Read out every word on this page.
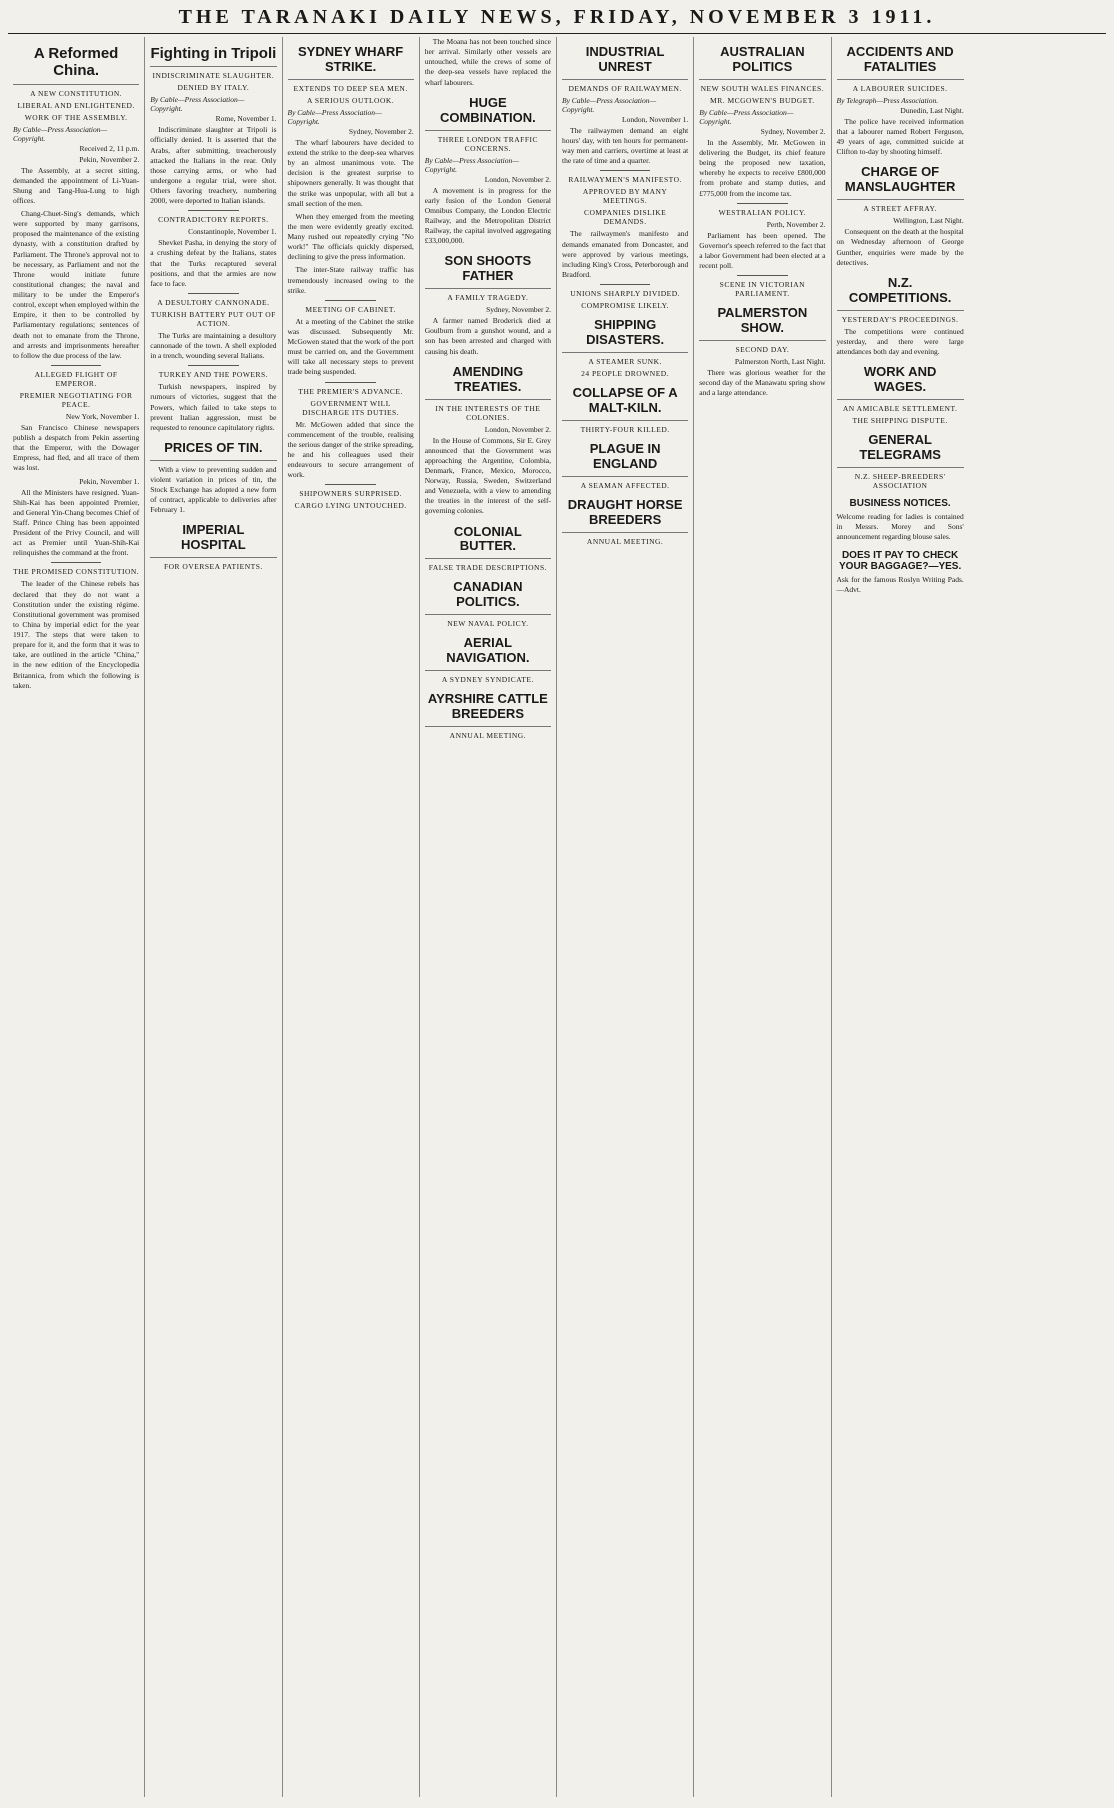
THE TARANAKI DAILY NEWS, FRIDAY, NOVEMBER 3 1911.
A Reformed China.
A NEW CONSTITUTION.
LIBERAL AND ENLIGHTENED.
WORK OF THE ASSEMBLY.
By Cable—Press Association—Copyright.
Received 2, 11 p.m.
Pekin, November 2.

The Assembly, at a secret sitting, demanded the appointment of Li-Yuan-Shung and Tang-Hua-Lung to high offices.

Chang-Chuet-Sing's demands, which were supported by many garrisons, proposed the maintenance of the existing dynasty, with a constitution drafted by Parliament. The Throne's approval not to be necessary, as Parliament and not the Throne would initiate future constitutional changes; the naval and military to be under the Emperor's control, except when employed within the Empire, it then to be controlled by Parliamentary regulations; sentences of death not to emanate from the Throne, and arrests and imprisonments hereafter to follow the due process of the law.

ALLEGED FLIGHT OF EMPEROR.
PREMIER NEGOTIATING FOR PEACE.
New York, November 1.

San Francisco Chinese newspapers publish a despatch from Pekin asserting that the Emperor, with the Dowager Empress, had fled, and all trace of them was lost.

Pekin, November 1.

All the Ministers have resigned. Yuan-Shih-Kai has been appointed Premier, and General Yin-Chang becomes Chief of Staff. Prince Ching has been appointed President of the Privy Council, and will act as Premier until Yuan-Shih-Kai relinquishes the command at the front.

THE PROMISED CONSTITUTION.

The leader of the Chinese rebels has declared that they do not want a Constitution under the existing régime. Constitutional government was promised to China by imperial edict for the year 1917. The steps that were taken to prepare for it, and the form that it was to take, are outlined in the article "China," in the new edition of the Encyclopedia Britannica, from which the following is taken.

Fighting in Tripoli
INDISCRIMINATE SLAUGHTER.
DENIED BY ITALY.
By Cable—Press Association—Copyright.
Rome, November 1.

Indiscriminate slaughter at Tripoli is officially denied. It is asserted that the Arabs, after submitting, treacherously attacked the Italians in the rear. Only those carrying arms, or who had undergone a regular trial, were shot. Others favoring treachery, numbering 2000, were deported to Italian islands.

CONTRADICTORY REPORTS.
Constantinople, November 1.

Shevket Pasha, in denying the story of a crushing defeat by the Italians, states that the Turks recaptured several positions, and that the armies are now face to face.

A DESULTORY CANNONADE.
TURKISH BATTERY PUT OUT OF ACTION.

The Turks are maintaining a desultory cannonade of the town. A shell exploded in a trench, wounding several Italians.

TURKEY AND THE POWERS.

Turkish newspapers, inspired by rumours of victories, suggest that the Powers, which failed to take steps to prevent Italian aggression, must be requested to renounce capitulatory rights.

PRICES OF TIN.

With a view to preventing sudden and violent variation in prices of tin, the Stock Exchange has adopted a new form of contract, applicable to deliveries after February 1.

IMPERIAL HOSPITAL
FOR OVERSEA PATIENTS.
SYDNEY WHARF STRIKE.
EXTENDS TO DEEP SEA MEN.
A SERIOUS OUTLOOK.
By Cable—Press Association—Copyright.
Sydney, November 2.

The wharf labourers have decided to extend the strike to the deep-sea wharves by an almost unanimous vote. The decision is the greatest surprise to shipowners generally. It was thought that the strike was unpopular, with all but a small section of the men.

When they emerged from the meeting the men were evidently greatly excited. Many rushed out repeatedly crying "No work!" The officials quickly dispersed, declining to give the press information.

The inter-State railway traffic has tremendously increased owing to the strike.

MEETING OF CABINET.

At a meeting of the Cabinet the strike was discussed. Subsequently Mr. McGowen stated that the work of the port must be carried on, and the Government will take all necessary steps to prevent trade being suspended.

THE PREMIER'S ADVANCE.
GOVERNMENT WILL DISCHARGE ITS DUTIES.

Mr. McGowen added that since the commencement of the trouble, realising the serious danger of the strike spreading, he and his colleagues used their endeavours to secure arrangement of work.

SHIPOWNERS SURPRISED.
CARGO LYING UNTOUCHED.

The Moana has not been touched since her arrival. Similarly other vessels are untouched, while the crews of some of the deep-sea vessels have replaced the wharf labourers.

HUGE COMBINATION.
THREE LONDON TRAFFIC CONCERNS.
By Cable—Press Association—Copyright.
London, November 2.

A movement is in progress for the early fusion of the London General Omnibus Company, the London Electric Railway, and the Metropolitan District Railway, the capital involved aggregating £33,000,000.

SON SHOOTS FATHER
A FAMILY TRAGEDY.
Sydney, November 2.

A farmer named Broderick died at Goulburn from a gunshot wound, and a son has been arrested and charged with causing his death.

AMENDING TREATIES.
IN THE INTERESTS OF THE COLONIES.
London, November 2.

In the House of Commons, Sir E. Grey announced that the Government was approaching the Argentine, Colombia, Denmark, France, Mexico, Morocco, Norway, Russia, Sweden, Switzerland and Venezuela, with a view to amending the treaties in the interest of the self-governing colonies.

COLONIAL BUTTER.
FALSE TRADE DESCRIPTIONS.
CANADIAN POLITICS.
NEW NAVAL POLICY.
AERIAL NAVIGATION.
A SYDNEY SYNDICATE.
AYRSHIRE CATTLE BREEDERS
ANNUAL MEETING.
INDUSTRIAL UNREST
DEMANDS OF RAILWAYMEN.
By Cable—Press Association—Copyright.
London, November 1.

The railwaymen demand an eight hours' day, with ten hours for permanent-way men and carriers, overtime at least at the rate of time and a quarter.

RAILWAYMEN'S MANIFESTO.
APPROVED BY MANY MEETINGS.
COMPANIES DISLIKE DEMANDS.

The railwaymen's manifesto and demands emanated from Doncaster, and were approved by various meetings, including King's Cross, Peterborough and Bradford.

UNIONS SHARPLY DIVIDED.
COMPROMISE LIKELY.
SHIPPING DISASTERS.
A STEAMER SUNK.
24 PEOPLE DROWNED.
COLLAPSE OF A MALT-KILN.
THIRTY-FOUR KILLED.
PLAGUE IN ENGLAND
A SEAMAN AFFECTED.
DRAUGHT HORSE BREEDERS
ANNUAL MEETING.
AUSTRALIAN POLITICS
NEW SOUTH WALES FINANCES.
MR. MCGOWEN'S BUDGET.
By Cable—Press Association—Copyright.
Sydney, November 2.

In the Assembly, Mr. McGowen in delivering the Budget, its chief feature being the proposed new taxation, whereby he expects to receive £800,000 from probate and stamp duties, and £775,000 from the income tax.

WESTRALIAN POLICY.
Perth, November 2.

Parliament has been opened. The Governor's speech referred to the fact that a labor Government had been elected at a recent poll.

SCENE IN VICTORIAN PARLIAMENT.
PALMERSTON SHOW.
SECOND DAY.
Palmerston North, Last Night.

There was glorious weather for the second day of the Manawatu spring show and a large attendance.

ACCIDENTS AND FATALITIES
A LABOURER SUICIDES.
By Telegraph—Press Association.
Dunedin, Last Night.

The police have received information that a labourer named Robert Ferguson, 49 years of age, committed suicide at Clifton to-day by shooting himself.

CHARGE OF MANSLAUGHTER
A STREET AFFRAY.
Wellington, Last Night.

Consequent on the death at the hospital on Wednesday afternoon of George Gunther, enquiries were made by the detectives.

N.Z. COMPETITIONS.
YESTERDAY'S PROCEEDINGS.

The competitions were continued yesterday, and there were large attendances both day and evening.

WORK AND WAGES.
AN AMICABLE SETTLEMENT.
THE SHIPPING DISPUTE.
GENERAL TELEGRAMS
N.Z. SHEEP-BREEDERS' ASSOCIATION
BUSINESS NOTICES.

Welcome reading for ladies is contained in Messrs. Morey and Sons' announcement regarding blouse sales.

DOES IT PAY TO CHECK YOUR BAGGAGE?—YES.

Ask for the famous Roslyn Writing Pads.—Advt.
